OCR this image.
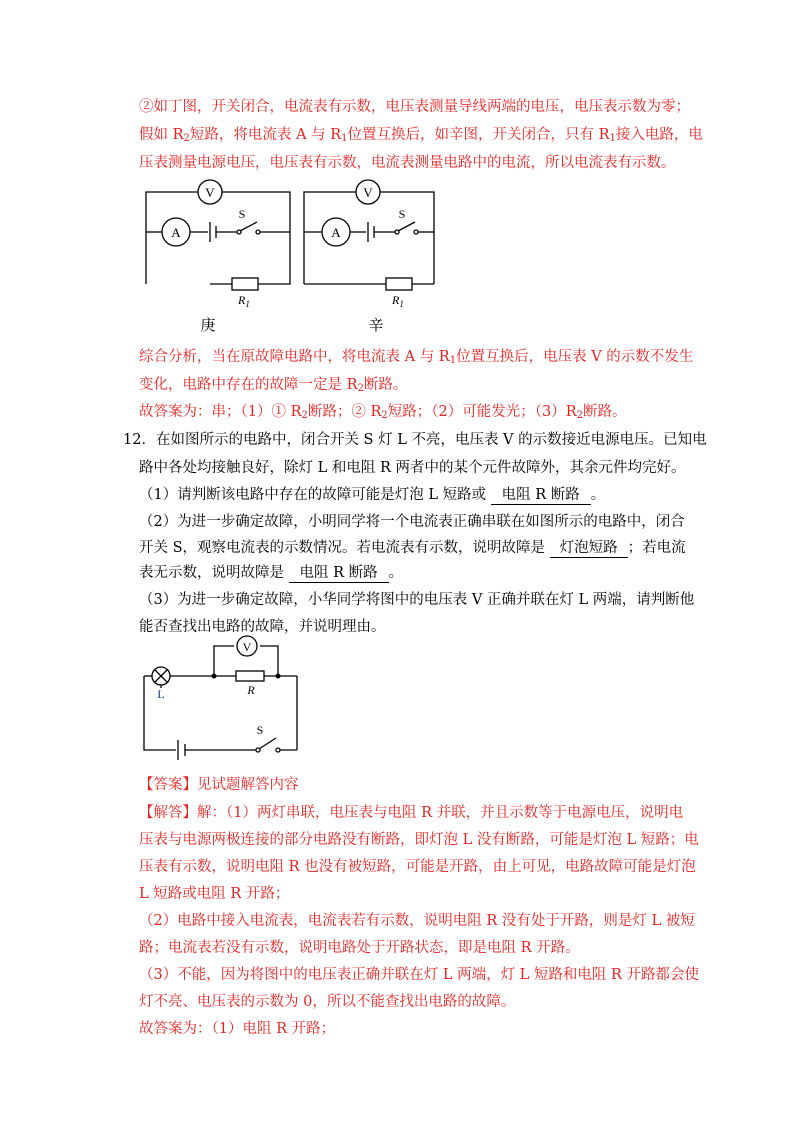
②如丁图，开关闭合，电流表有示数，电压表测量导线两端的电压，电压表示数为零；
假如 $R_2$短路，将电流表 A 与 $R_1$位置互换后，如辛图，开关闭合，只有 $R_1$接入电路，电
压表测量电源电压，电压表有示数，电流表测量电路中的电流，所以电流表有示数。
V
A
S
$R_1$
庚
V
A
S
$R_1$
辛
综合分析，当在原故障电路中，将电流表 A 与 $R_1$位置互换后，电压表 V 的示数不发生
变化，电路中存在的故障一定是 $R_2$断路。
故答案为：串；（1）① $R_2$断路；② $R_2$短路；（2）可能发光；$(3)R_2$断路。
12．在如图所示的电路中，闭合开关 S 灯 L 不亮，电压表 V 的示数接近电源电压。已知电
路中各处均接触良好，除灯 L 和电阻 R 两者中的某个元件故障外，其余元件均完好。
（1）请判断该电路中存在的故障可能是灯泡 L 短路或 电阻 R 断路 。
（2）为进一步确定故障，小明同学将一个电流表正确串联在如图所示的电路中，闭合
开关 S，观察电流表的示数情况。若电流表有示数，说明故障是 灯泡短路 ；若电流
表无示数，说明故障是 电阻 R 断路 。
（3）为进一步确定故障，小华同学将图中的电压表 V 正确并联在灯 L 两端，请判断他
能否查找出电路的故障，并说明理由。
V
L	R
S
【答案】见试题解答内容
【解答】解：（1）两灯串联，电压表与电阻 R 并联，并且示数等于电源电压，说明电
压表与电源两极连接的部分电路没有断路，即灯泡 L 没有断路，可能是灯泡 L 短路；电
压表有示数，说明电阻 R 也没有被短路，可能是开路，由上可见，电路故障可能是灯泡
L 短路或电阻 R 开路；
（2）电路中接入电流表，电流表若有示数，说明电阻 R 没有处于开路，则是灯 L 被短
路；电流表若没有示数，说明电路处于开路状态，即是电阻 R 开路。
（3）不能，因为将图中的电压表正确并联在灯 L 两端，灯 L 短路和电阻 R 开路都会使
灯不亮、电压表的示数为 0，所以不能查找出电路的故障。
故答案为：（1）电阻 R 开路；
